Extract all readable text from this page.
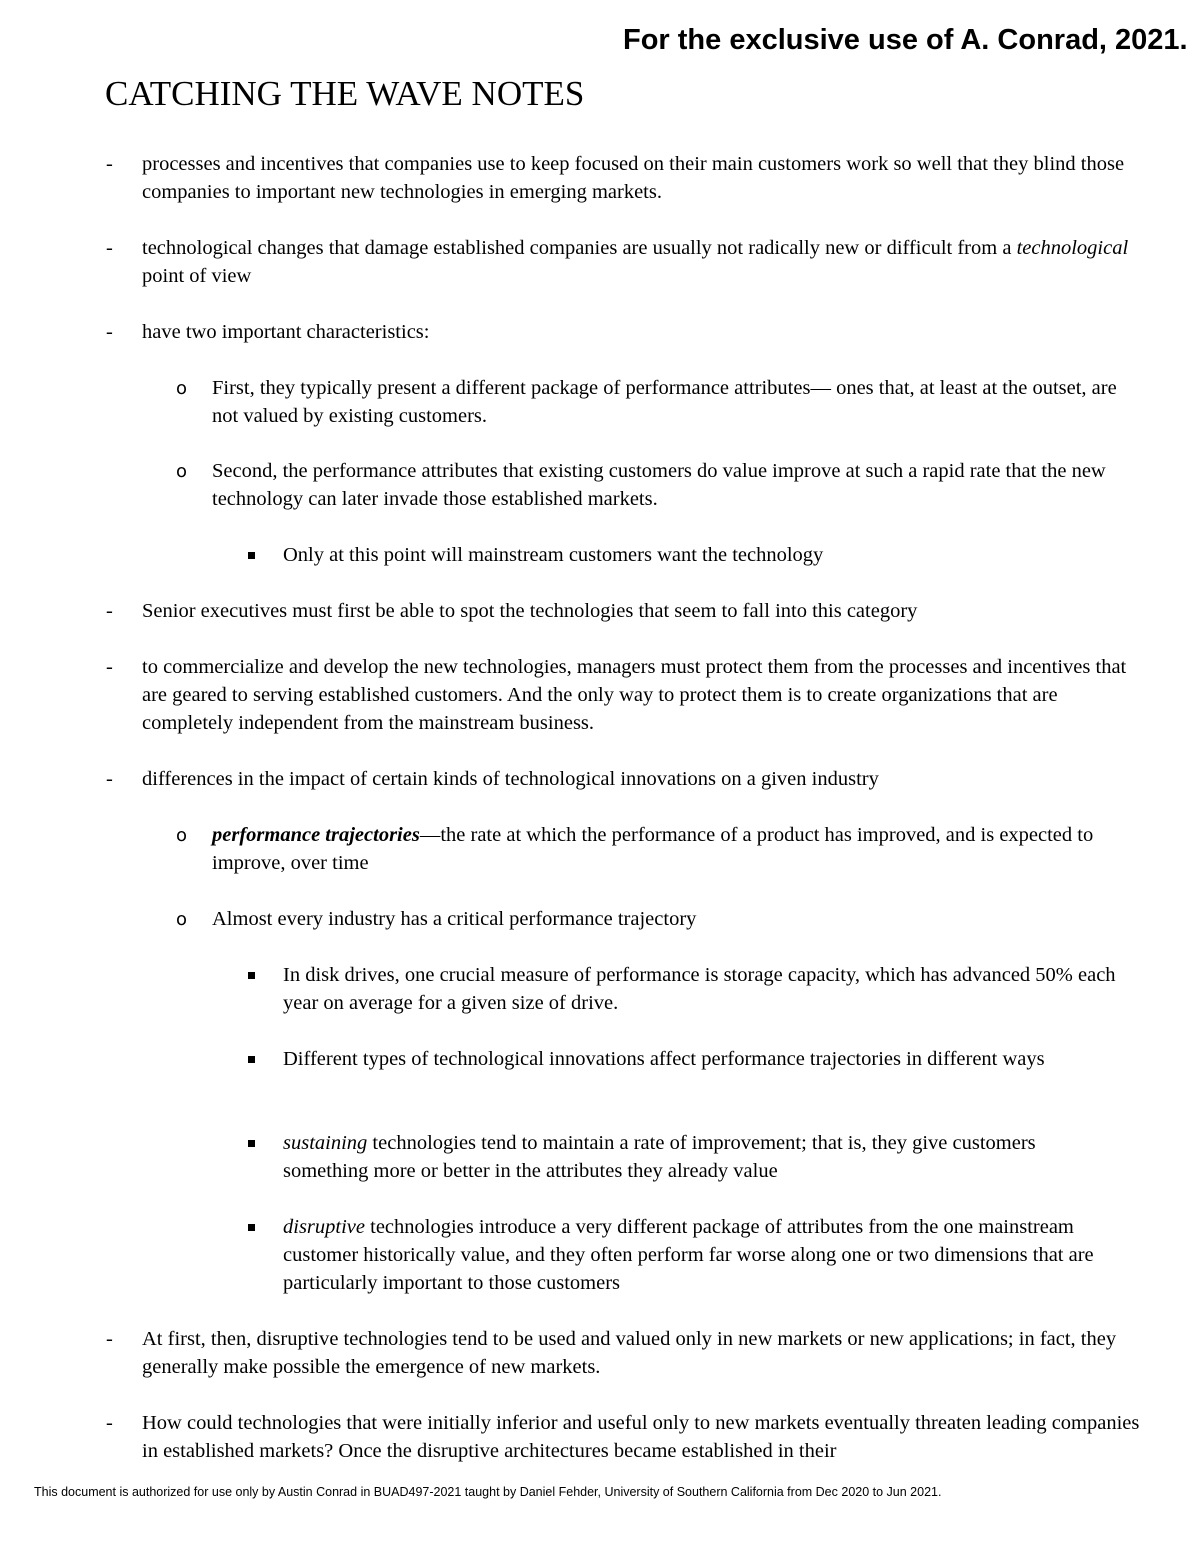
For the exclusive use of A. Conrad, 2021.
CATCHING THE WAVE NOTES
- processes and incentives that companies use to keep focused on their main customers work so well that they blind those companies to important new technologies in emerging markets.
- technological changes that damage established companies are usually not radically new or difficult from a technological point of view
- have two important characteristics:
o First, they typically present a different package of performance attributes— ones that, at least at the outset, are not valued by existing customers.
o Second, the performance attributes that existing customers do value improve at such a rapid rate that the new technology can later invade those established markets.
Only at this point will mainstream customers want the technology
- Senior executives must first be able to spot the technologies that seem to fall into this category
- to commercialize and develop the new technologies, managers must protect them from the processes and incentives that are geared to serving established customers. And the only way to protect them is to create organizations that are completely independent from the mainstream business.
- differences in the impact of certain kinds of technological innovations on a given industry
o performance trajectories—the rate at which the performance of a product has improved, and is expected to improve, over time
o Almost every industry has a critical performance trajectory
In disk drives, one crucial measure of performance is storage capacity, which has advanced 50% each year on average for a given size of drive.
Different types of technological innovations affect performance trajectories in different ways
sustaining technologies tend to maintain a rate of improvement; that is, they give customers something more or better in the attributes they already value
disruptive technologies introduce a very different package of attributes from the one mainstream customer historically value, and they often perform far worse along one or two dimensions that are particularly important to those customers
- At first, then, disruptive technologies tend to be used and valued only in new markets or new applications; in fact, they generally make possible the emergence of new markets.
- How could technologies that were initially inferior and useful only to new markets eventually threaten leading companies in established markets? Once the disruptive architectures became established in their
This document is authorized for use only by Austin Conrad in BUAD497-2021 taught by Daniel Fehder, University of Southern California from Dec 2020 to Jun 2021.
